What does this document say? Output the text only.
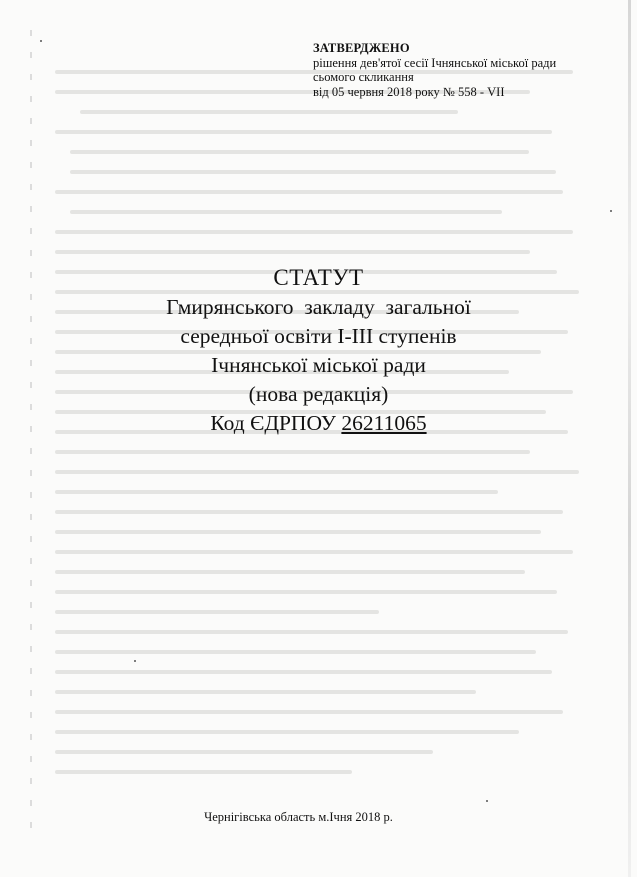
ЗАТВЕРДЖЕНО
рішення дев'ятої сесії Ічнянської міської ради
сьомого скликання
від 05 червня 2018 року № 558 - VII
СТАТУТ
Гмирянського  закладу  загальної
середньої освіти І-ІІІ ступенів
Ічнянської міської ради
(нова редакція)
Код ЄДРПОУ 26211065
Чернігівська область м.Ічня 2018 р.
